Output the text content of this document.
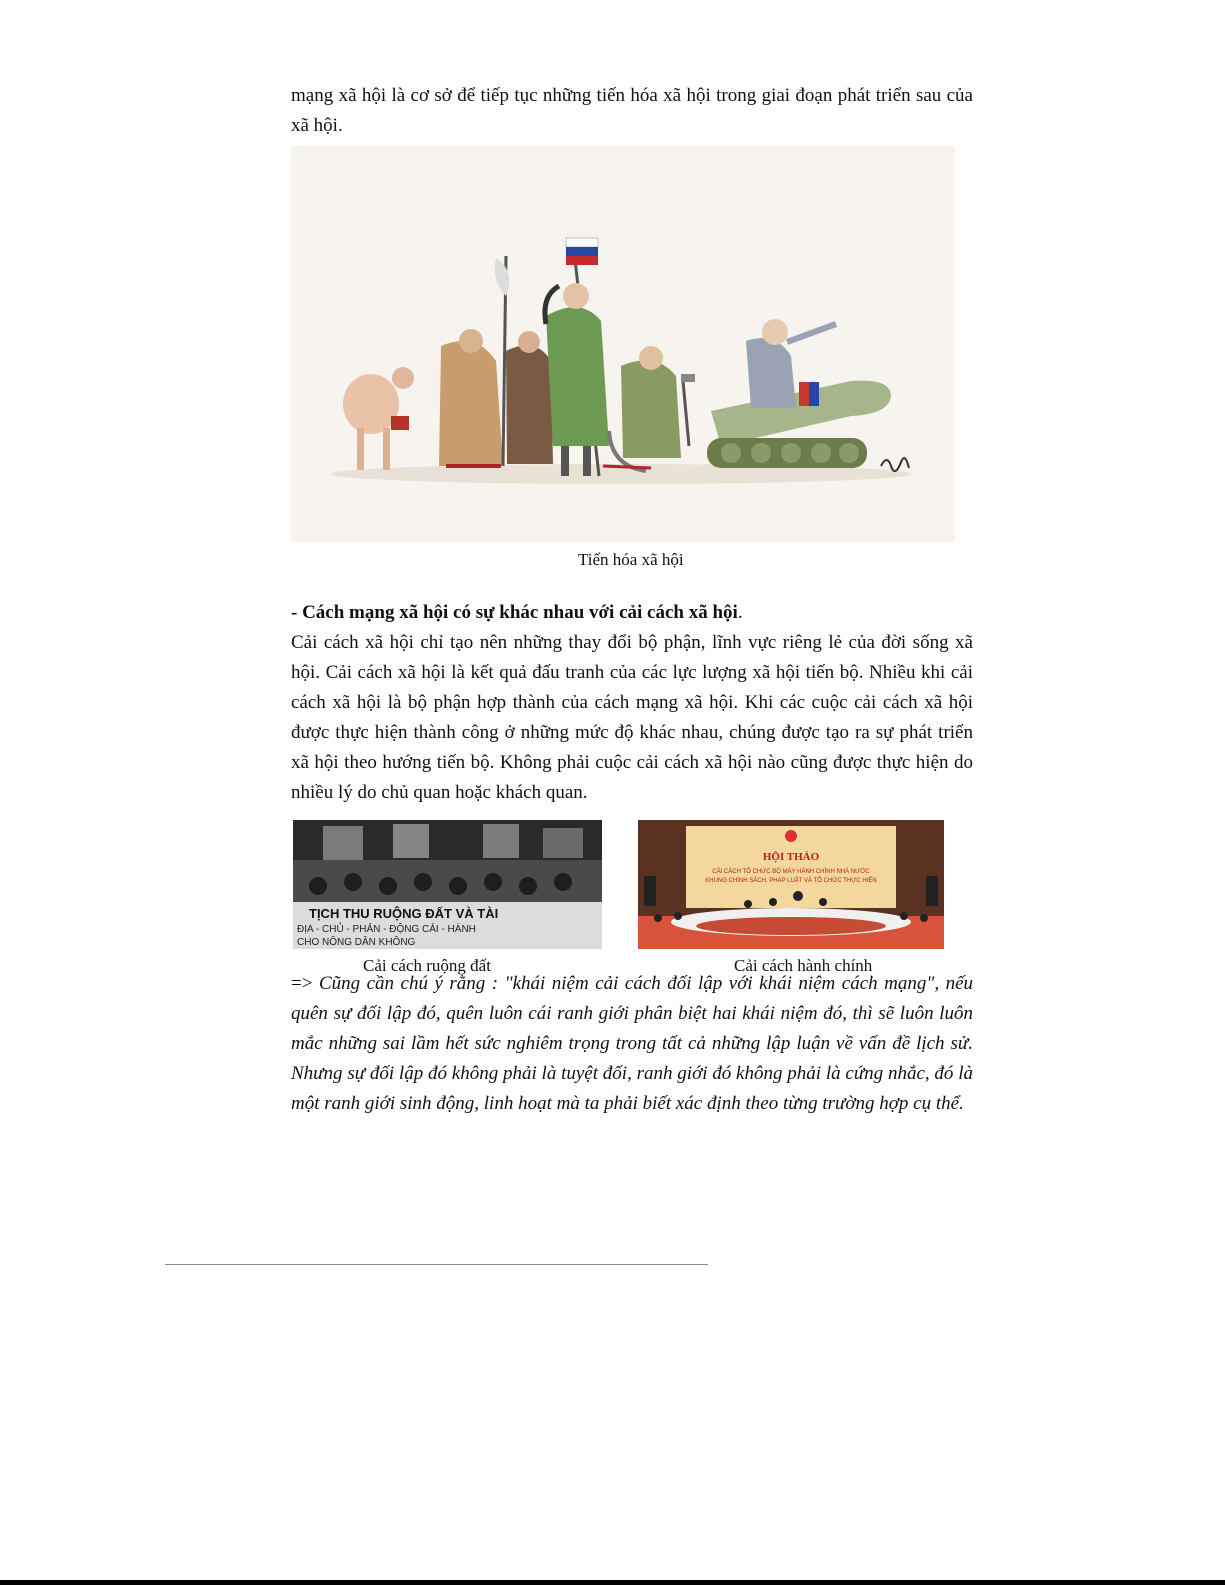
mạng xã hội là cơ sở để tiếp tục những tiến hóa xã hội trong giai đoạn phát triển sau của xã hội.

Tiến hóa xã hội

- Cách mạng xã hội có sự khác nhau với cải cách xã hội.

Cải cách xã hội chỉ tạo nên những thay đổi bộ phận, lĩnh vực riêng lẻ của đời sống xã hội. Cải cách xã hội là kết quả đấu tranh của các lực lượng xã hội tiến bộ. Nhiều khi cải cách xã hội là bộ phận hợp thành của cách mạng xã hội. Khi các cuộc cải cách xã hội được thực hiện thành công ở những mức độ khác nhau, chúng được tạo ra sự phát triển xã hội theo hướng tiến bộ. Không phải cuộc cải cách xã hội nào cũng được thực hiện do nhiều lý do chủ quan hoặc khách quan.

TỊCH THU RUỘNG ĐẤT VÀ TÀI
ĐỊA - CHỦ - PHẢN - ĐỘNG CẢI - HÀNH
CHO NÔNG DÂN KHÔNG
HỘI THẢO
CẢI CÁCH TỔ CHỨC BỘ MÁY HÀNH CHÍNH NHÀ NƯỚC
KHUNG CHÍNH SÁCH, PHÁP LUẬT VÀ TỔ CHỨC THỰC HIỆN
Cải cách ruộng đất	Cải cách hành chính

=> Cũng cần chú ý rằng : "khái niệm cải cách đối lập với khái niệm cách mạng", nếu quên sự đối lập đó, quên luôn cái ranh giới phân biệt hai khái niệm đó, thì sẽ luôn luôn mắc những sai lầm hết sức nghiêm trọng trong tất cả những lập luận về vấn đề lịch sử. Nhưng sự đối lập đó không phải là tuyệt đối, ranh giới đó không phải là cứng nhắc, đó là một ranh giới sinh động, linh hoạt mà ta phải biết xác định theo từng trường hợp cụ thể.
